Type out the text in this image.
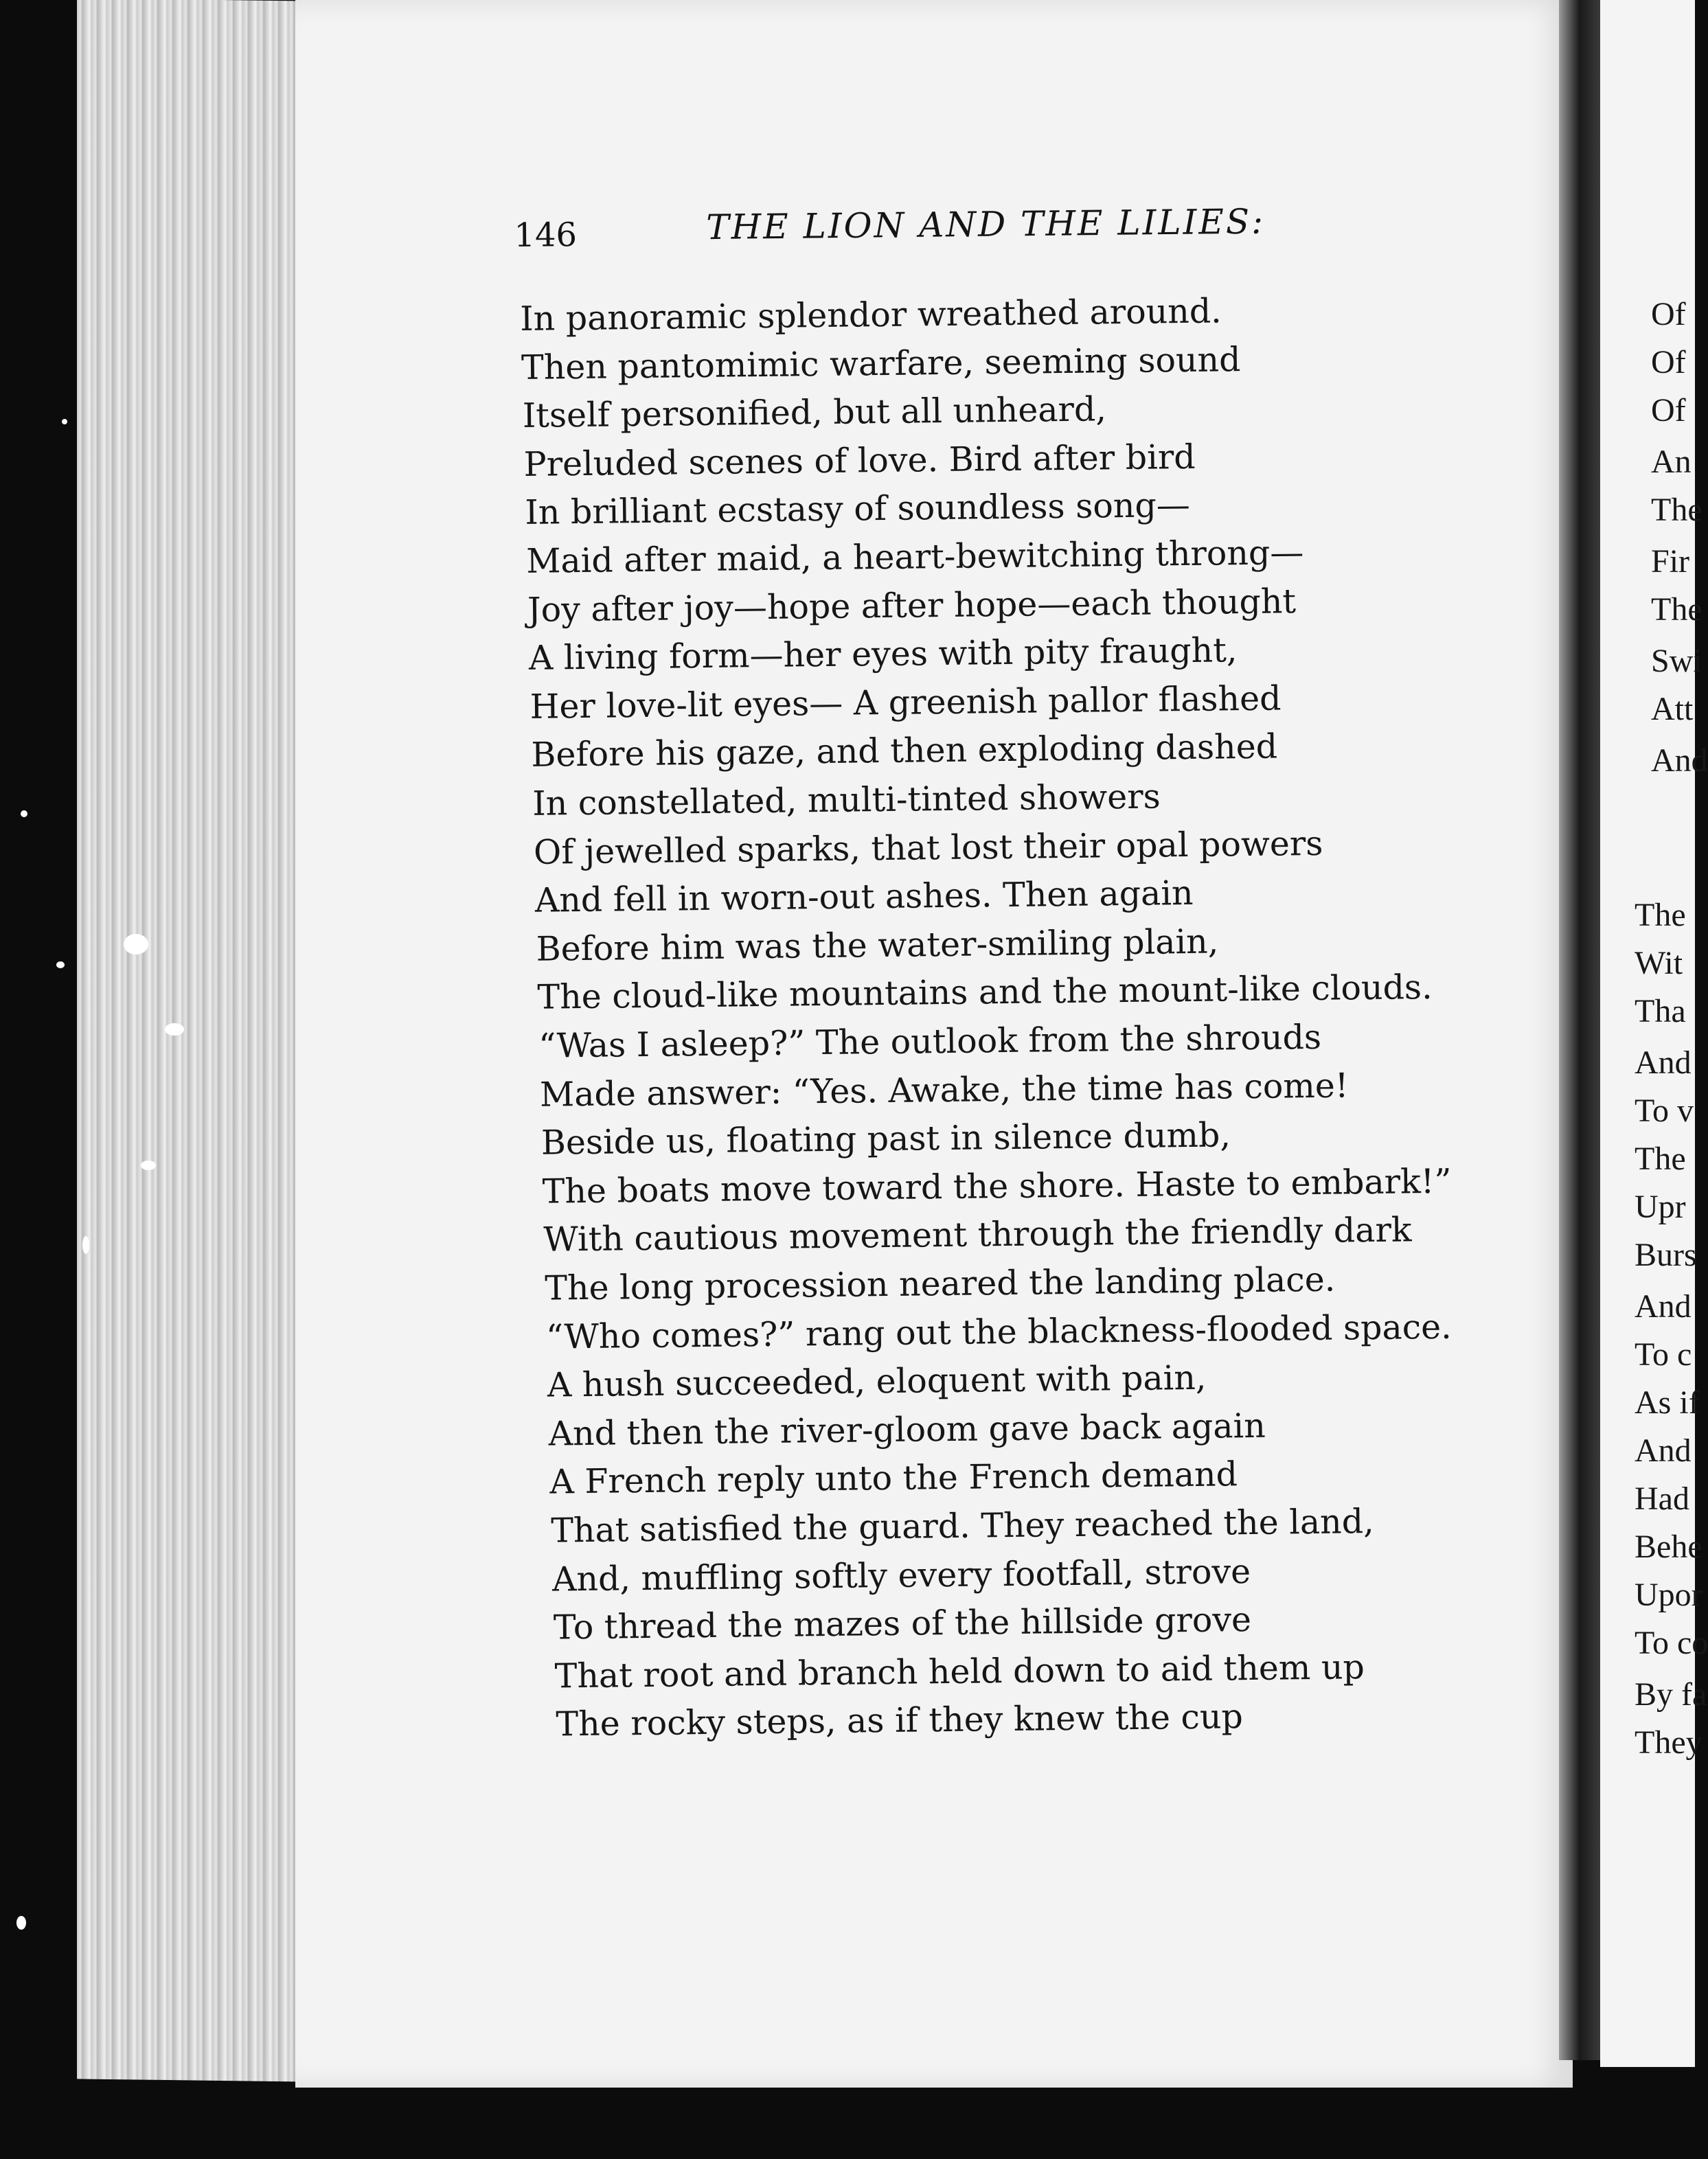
146	THE LION AND THE LILIES:
In panoramic splendor wreathed around.
Then pantomimic warfare, seeming sound
Itself personified, but all unheard,
Preluded scenes of love. Bird after bird
In brilliant ecstasy of soundless song—
Maid after maid, a heart-bewitching throng—
Joy after joy—hope after hope—each thought
A living form—her eyes with pity fraught,
Her love-lit eyes— A greenish pallor flashed
Before his gaze, and then exploding dashed
In constellated, multi-tinted showers
Of jewelled sparks, that lost their opal powers
And fell in worn-out ashes. Then again
Before him was the water-smiling plain,
The cloud-like mountains and the mount-like clouds.
“Was I asleep?” The outlook from the shrouds
Made answer: “Yes. Awake, the time has come!
Beside us, floating past in silence dumb,
The boats move toward the shore. Haste to embark!”
With cautious movement through the friendly dark
The long procession neared the landing place.
“Who comes?” rang out the blackness-flooded space.
A hush succeeded, eloquent with pain,
And then the river-gloom gave back again
A French reply unto the French demand
That satisfied the guard. They reached the land,
And, muffling softly every footfall, strove
To thread the mazes of the hillside grove
That root and branch held down to aid them up
The rocky steps, as if they knew the cup
Of
Of
Of
An
The
Fir
The
Swi
Att
And
The
Wit
Tha
And
To v
The
Upr
Burs
And
To c
As if
And
Had
Behe
Upor
To co
By fa
They
